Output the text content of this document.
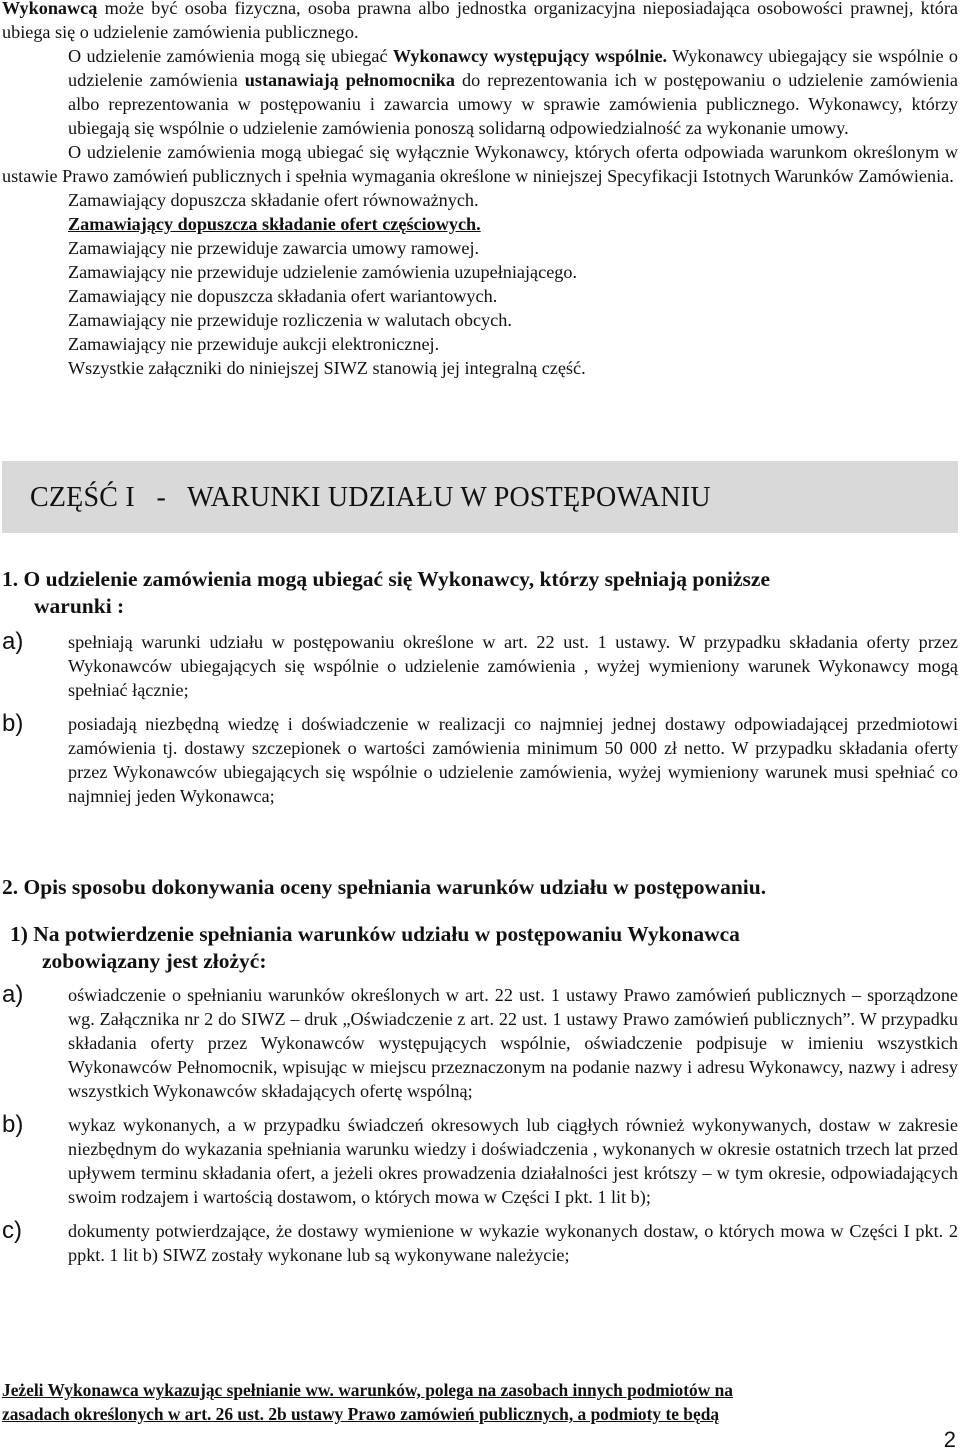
Wykonawcą może być osoba fizyczna, osoba prawna albo jednostka organizacyjna nieposiadająca osobowości prawnej, która ubiega się o udzielenie zamówienia publicznego.

O udzielenie zamówienia mogą się ubiegać Wykonawcy występujący wspólnie. Wykonawcy ubiegający sie wspólnie o udzielenie zamówienia ustanawiają pełnomocnika do reprezentowania ich w postępowaniu o udzielenie zamówienia albo reprezentowania w postępowaniu i zawarcia umowy w sprawie zamówienia publicznego. Wykonawcy, którzy ubiegają się wspólnie o udzielenie zamówienia ponoszą solidarną odpowiedzialność za wykonanie umowy.

O udzielenie zamówienia mogą ubiegać się wyłącznie Wykonawcy, których oferta odpowiada warunkom określonym w ustawie Prawo zamówień publicznych i spełnia wymagania określone w niniejszej Specyfikacji Istotnych Warunków Zamówienia.

Zamawiający dopuszcza składanie ofert równoważnych.

Zamawiający dopuszcza składanie ofert częściowych.

Zamawiający nie przewiduje zawarcia umowy ramowej.

Zamawiający nie przewiduje udzielenie zamówienia uzupełniającego.

Zamawiający nie dopuszcza składania ofert wariantowych.

Zamawiający nie przewiduje rozliczenia w walutach obcych.

Zamawiający nie przewiduje aukcji elektronicznej.

Wszystkie załączniki do niniejszej SIWZ stanowią jej integralną część.

CZĘŚĆ I   -   WARUNKI UDZIAŁU W POSTĘPOWANIU

1. O udzielenie zamówienia mogą ubiegać się Wykonawcy, którzy spełniają poniższe
warunki :

a) spełniają warunki udziału w postępowaniu określone w art. 22 ust. 1 ustawy. W przypadku składania oferty przez Wykonawców ubiegających się wspólnie o udzielenie zamówienia , wyżej wymieniony warunek Wykonawcy mogą spełniać łącznie;

b) posiadają niezbędną wiedzę i doświadczenie w realizacji co najmniej jednej dostawy odpowiadającej przedmiotowi zamówienia tj. dostawy szczepionek o wartości zamówienia minimum 50 000 zł netto. W przypadku składania oferty przez Wykonawców ubiegających się wspólnie o udzielenie zamówienia, wyżej wymieniony warunek musi spełniać co najmniej jeden Wykonawca;

2. Opis sposobu dokonywania oceny spełniania warunków udziału w postępowaniu.

1) Na potwierdzenie spełniania warunków udziału w postępowaniu Wykonawca
zobowiązany jest złożyć:

a) oświadczenie o spełnianiu warunków określonych w art. 22 ust. 1 ustawy Prawo zamówień publicznych – sporządzone wg. Załącznika nr 2 do SIWZ – druk „Oświadczenie z art. 22 ust. 1 ustawy Prawo zamówień publicznych”. W przypadku składania oferty przez Wykonawców występujących wspólnie, oświadczenie podpisuje w imieniu wszystkich Wykonawców Pełnomocnik, wpisując w miejscu przeznaczonym na podanie nazwy i adresu Wykonawcy, nazwy i adresy wszystkich Wykonawców składających ofertę wspólną;

b) wykaz wykonanych, a w przypadku świadczeń okresowych lub ciągłych również wykonywanych, dostaw w zakresie niezbędnym do wykazania spełniania warunku wiedzy i doświadczenia , wykonanych w okresie ostatnich trzech lat przed upływem terminu składania ofert, a jeżeli okres prowadzenia działalności jest krótszy – w tym okresie, odpowiadających swoim rodzajem i wartością dostawom, o których mowa w Części I pkt. 1 lit b);

c)	dokumenty potwierdzające, że dostawy wymienione w wykazie wykonanych dostaw, o których mowa w Części I pkt. 2 ppkt. 1 lit b) SIWZ zostały wykonane lub są wykonywane należycie;

Jeżeli Wykonawca wykazując spełnianie ww. warunków, polega na zasobach innych podmiotów na

zasadach określonych w art. 26 ust. 2b ustawy Prawo zamówień publicznych, a podmioty te będą

2
